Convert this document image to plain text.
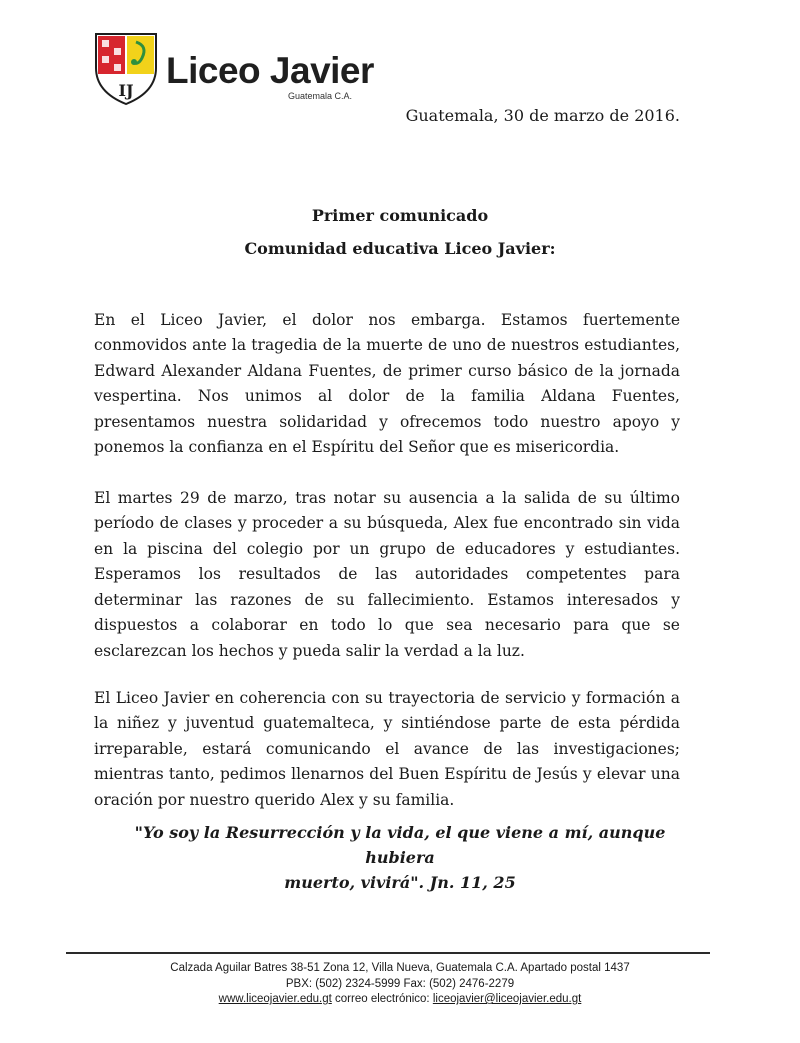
IJ Liceo Javier
Guatemala C.A.
Guatemala, 30 de marzo de 2016.
Primer comunicado
Comunidad educativa Liceo Javier:

En el Liceo Javier, el dolor nos embarga. Estamos fuertemente conmovidos ante la tragedia de la muerte de uno de nuestros estudiantes, Edward Alexander Aldana Fuentes, de primer curso básico de la jornada vespertina. Nos unimos al dolor de la familia Aldana Fuentes, presentamos nuestra solidaridad y ofrecemos todo nuestro apoyo y ponemos la confianza en el Espíritu del Señor que es misericordia.

El martes 29 de marzo, tras notar su ausencia a la salida de su último período de clases y proceder a su búsqueda, Alex fue encontrado sin vida en la piscina del colegio por un grupo de educadores y estudiantes. Esperamos los resultados de las autoridades competentes para determinar las razones de su fallecimiento. Estamos interesados y dispuestos a colaborar en todo lo que sea necesario para que se esclarezcan los hechos y pueda salir la verdad a la luz.

El Liceo Javier en coherencia con su trayectoria de servicio y formación a la niñez y juventud guatemalteca, y sintiéndose parte de esta pérdida irreparable, estará comunicando el avance de las investigaciones; mientras tanto, pedimos llenarnos del Buen Espíritu de Jesús y elevar una oración por nuestro querido Alex y su familia.

"Yo soy la Resurrección y la vida, el que viene a mí, aunque hubiera
muerto, vivirá". Jn. 11, 25
Calzada Aguilar Batres 38-51 Zona 12, Villa Nueva, Guatemala C.A. Apartado postal 1437
PBX: (502) 2324-5999 Fax: (502) 2476-2279
www.liceojavier.edu.gt correo electrónico: liceojavier@liceojavier.edu.gt
